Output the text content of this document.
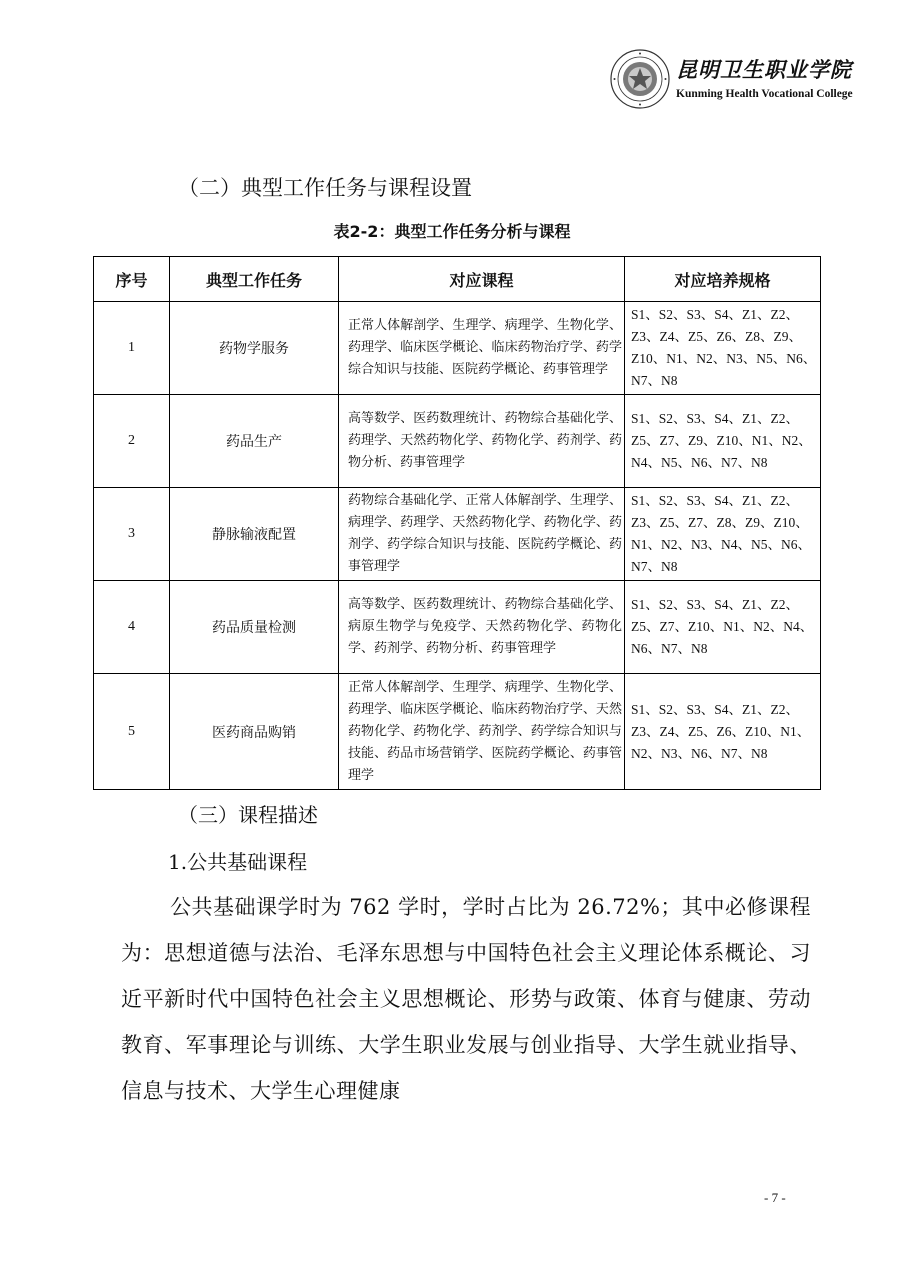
昆明卫生职业学院
Kunming Health Vocational College
（二）典型工作任务与课程设置
表2-2：典型工作任务分析与课程
序号	典型工作任务	对应课程	对应培养规格
1	药物学服务	正常人体解剖学、生理学、病理学、生物化学、药理学、临床医学概论、临床药物治疗学、药学综合知识与技能、医院药学概论、药事管理学	S1、S2、S3、S4、Z1、Z2、Z3、Z4、Z5、Z6、Z8、Z9、Z10、N1、N2、N3、N5、N6、N7、N8
2	药品生产	高等数学、医药数理统计、药物综合基础化学、药理学、天然药物化学、药物化学、药剂学、药物分析、药事管理学	S1、S2、S3、S4、Z1、Z2、Z5、Z7、Z9、Z10、N1、N2、N4、N5、N6、N7、N8
3	静脉输液配置	药物综合基础化学、正常人体解剖学、生理学、病理学、药理学、天然药物化学、药物化学、药剂学、药学综合知识与技能、医院药学概论、药事管理学	S1、S2、S3、S4、Z1、Z2、Z3、Z5、Z7、Z8、Z9、Z10、N1、N2、N3、N4、N5、N6、N7、N8
4	药品质量检测	高等数学、医药数理统计、药物综合基础化学、病原生物学与免疫学、天然药物化学、药物化学、药剂学、药物分析、药事管理学	S1、S2、S3、S4、Z1、Z2、Z5、Z7、Z10、N1、N2、N4、N6、N7、N8
5	医药商品购销	正常人体解剖学、生理学、病理学、生物化学、药理学、临床医学概论、临床药物治疗学、天然药物化学、药物化学、药剂学、药学综合知识与技能、药品市场营销学、医院药学概论、药事管理学	S1、S2、S3、S4、Z1、Z2、Z3、Z4、Z5、Z6、Z10、N1、N2、N3、N6、N7、N8
（三）课程描述
1.公共基础课程
公共基础课学时为 762 学时，学时占比为 26.72%；其中必修课程为：思想道德与法治、毛泽东思想与中国特色社会主义理论体系概论、习近平新时代中国特色社会主义思想概论、形势与政策、体育与健康、劳动教育、军事理论与训练、大学生职业发展与创业指导、大学生就业指导、信息与技术、大学生心理健康
- 7 -
